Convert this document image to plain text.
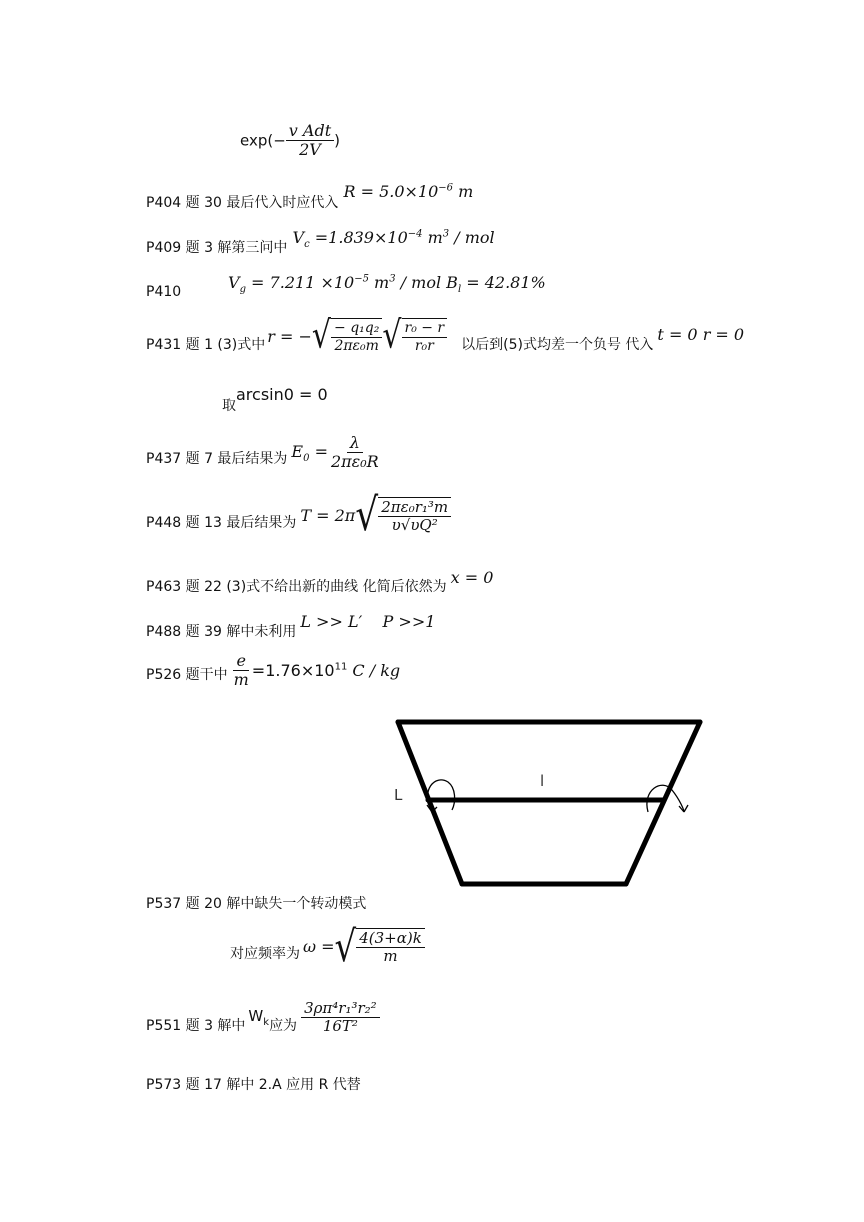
$\exp(- \frac{\text{v Adt}}{2V}$ )
P404 题 30 最后代入时应代入 $R = 5.0\times 10^{-6}$ m
P409 题 3 解第三问中 $V_c =1.839\times 10^{-4}$ $m^3$ / mol
P410	$V_g = 7.211 \times 10^{-5}$ $m^3$ / mol $B_l = 42.81\%$
P431 题 1 (3)式中 r = − √ $\frac{\text{− q₁q₂}}{\text{2πε₀m}}$ √ $\frac{\text{r₀ − r}}{\text{r₀r}}$ 以后到(5)式均差一个负号 代入
t = 0 r = 0
取arcsin0 = 0
P437 题 7 最后结果为 $E_0 = \frac{\lambda}{\text{2πε₀R}}$
P448 题 13 最后结果为 T = 2π √ $\frac{\text{2πε₀r₁³m}}{\text{υ√υQ²}}$
P463 题 22 (3)式不给出新的曲线 化简后依然为 x = 0
P488 题 39 解中未利用L >> L′    P >>1
P526 题干中 $\frac{e}{m} =1.76\times 10^{11}$ C / kg
L
l
P537 题 20 解中缺失一个转动模式
对应频率为 ω = √ $\frac{4(3+\alpha)k}{m}$
P551 题 3 解中
$W_k$ 应为 $\frac{\text{3ρπ⁴r₁³r₂²}}{\text{16T²}}$
P573 题 17 解中 2.A 应用 R 代替
